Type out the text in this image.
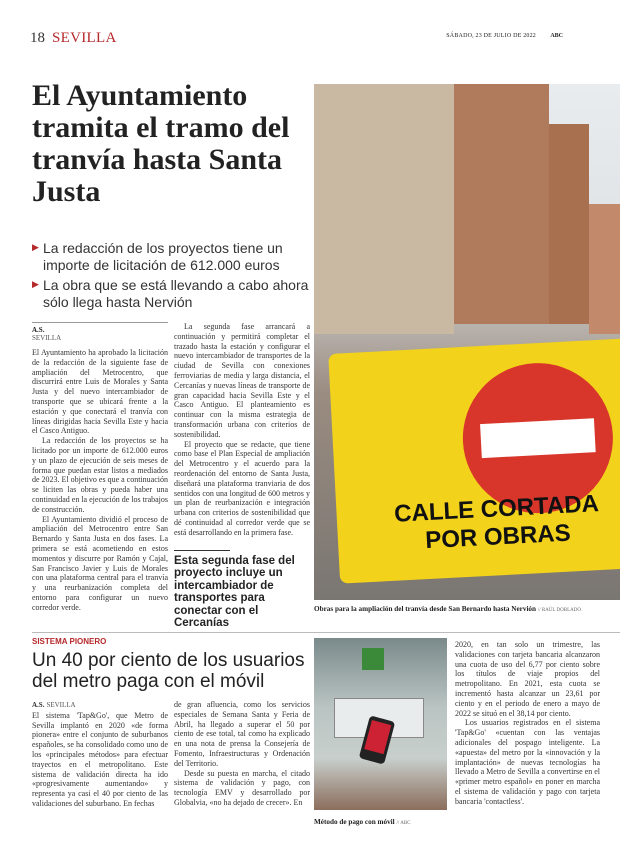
18 SEVILLA	SÁBADO, 23 DE JULIO DE 2022 ABC
El Ayuntamiento tramita el tramo del tranvía hasta Santa Justa
▶ La redacción de los proyectos tiene un importe de licitación de 612.000 euros
▶ La obra que se está llevando a cabo ahora sólo llega hasta Nervión
A.S.
SEVILLA

El Ayuntamiento ha aprobado la licitación de la redacción de la siguiente fase de ampliación del Metrocentro, que discurrirá entre Luis de Morales y Santa Justa y del nuevo intercambiador de transporte que se ubicará frente a la estación y que conectará el tranvía con líneas dirigidas hacia Sevilla Este y hacia el Casco Antiguo.

La redacción de los proyectos se ha licitado por un importe de 612.000 euros y un plazo de ejecución de seis meses de forma que puedan estar listos a mediados de 2023. El objetivo es que a continuación se liciten las obras y pueda haber una continuidad en la ejecución de los trabajos de construcción.

El Ayuntamiento dividió el proceso de ampliación del Metrocentro entre San Bernardo y Santa Justa en dos fases. La primera se está acometiendo en estos momentos y discurre por Ramón y Cajal, San Francisco Javier y Luis de Morales con una plataforma central para el tranvía y una reurbanización completa del entorno para configurar un nuevo corredor verde.

La segunda fase arrancará a continuación y permitirá completar el trazado hasta la estación y configurar el nuevo intercambiador de transportes de la ciudad de Sevilla con conexiones ferroviarias de media y larga distancia, el Cercanías y nuevas líneas de transporte de gran capacidad hacia Sevilla Este y el Casco Antiguo. El planteamiento es continuar con la misma estrategia de transformación urbana con criterios de sostenibilidad.

El proyecto que se redacte, que tiene como base el Plan Especial de ampliación del Metrocentro y el acuerdo para la reordenación del entorno de Santa Justa, diseñará una plataforma tranviaria de dos sentidos con una longitud de 600 metros y un plan de reurbanización e integración urbana con criterios de sostenibilidad que dé continuidad al corredor verde que se está desarrollando en la primera fase.

Esta segunda fase del proyecto incluye un intercambiador de transportes para conectar con el Cercanías
CALLE CORTADA POR OBRAS
Obras para la ampliación del tranvía desde San Bernardo hasta Nervión // RAÚL DOBLADO
SISTEMA PIONERO
Un 40 por ciento de los usuarios del metro paga con el móvil

A.S. SEVILLA

El sistema 'Tap&Go', que Metro de Sevilla implantó en 2020 «de forma pionera» entre el conjunto de suburbanos españoles, se ha consolidado como uno de los «principales métodos» para efectuar trayectos en el metropolitano. Este sistema de validación directa ha ido «progresivamente aumentando» y representa ya casi el 40 por ciento de las validaciones del suburbano. En fechas

de gran afluencia, como los servicios especiales de Semana Santa y Feria de Abril, ha llegado a superar el 50 por ciento de ese total, tal como ha explicado en una nota de prensa la Consejería de Fomento, Infraestructuras y Ordenación del Territorio.

Desde su puesta en marcha, el citado sistema de validación y pago, con tecnología EMV y desarrollado por Globalvia, «no ha dejado de crecer». En

Método de pago con móvil // ABC

2020, en tan solo un trimestre, las validaciones con tarjeta bancaria alcanzaron una cuota de uso del 6,77 por ciento sobre los títulos de viaje propios del metropolitano. En 2021, esta cuota se incrementó hasta alcanzar un 23,61 por ciento y en el periodo de enero a mayo de 2022 se situó en el 38,14 por ciento.

Los usuarios registrados en el sistema 'Tap&Go' «cuentan con las ventajas adicionales del pospago inteligente. La «apuesta» del metro por la «innovación y la implantación» de nuevas tecnologías ha llevado a Metro de Sevilla a convertirse en el «primer metro español» en poner en marcha el sistema de validación y pago con tarjeta bancaria 'contactless'.
